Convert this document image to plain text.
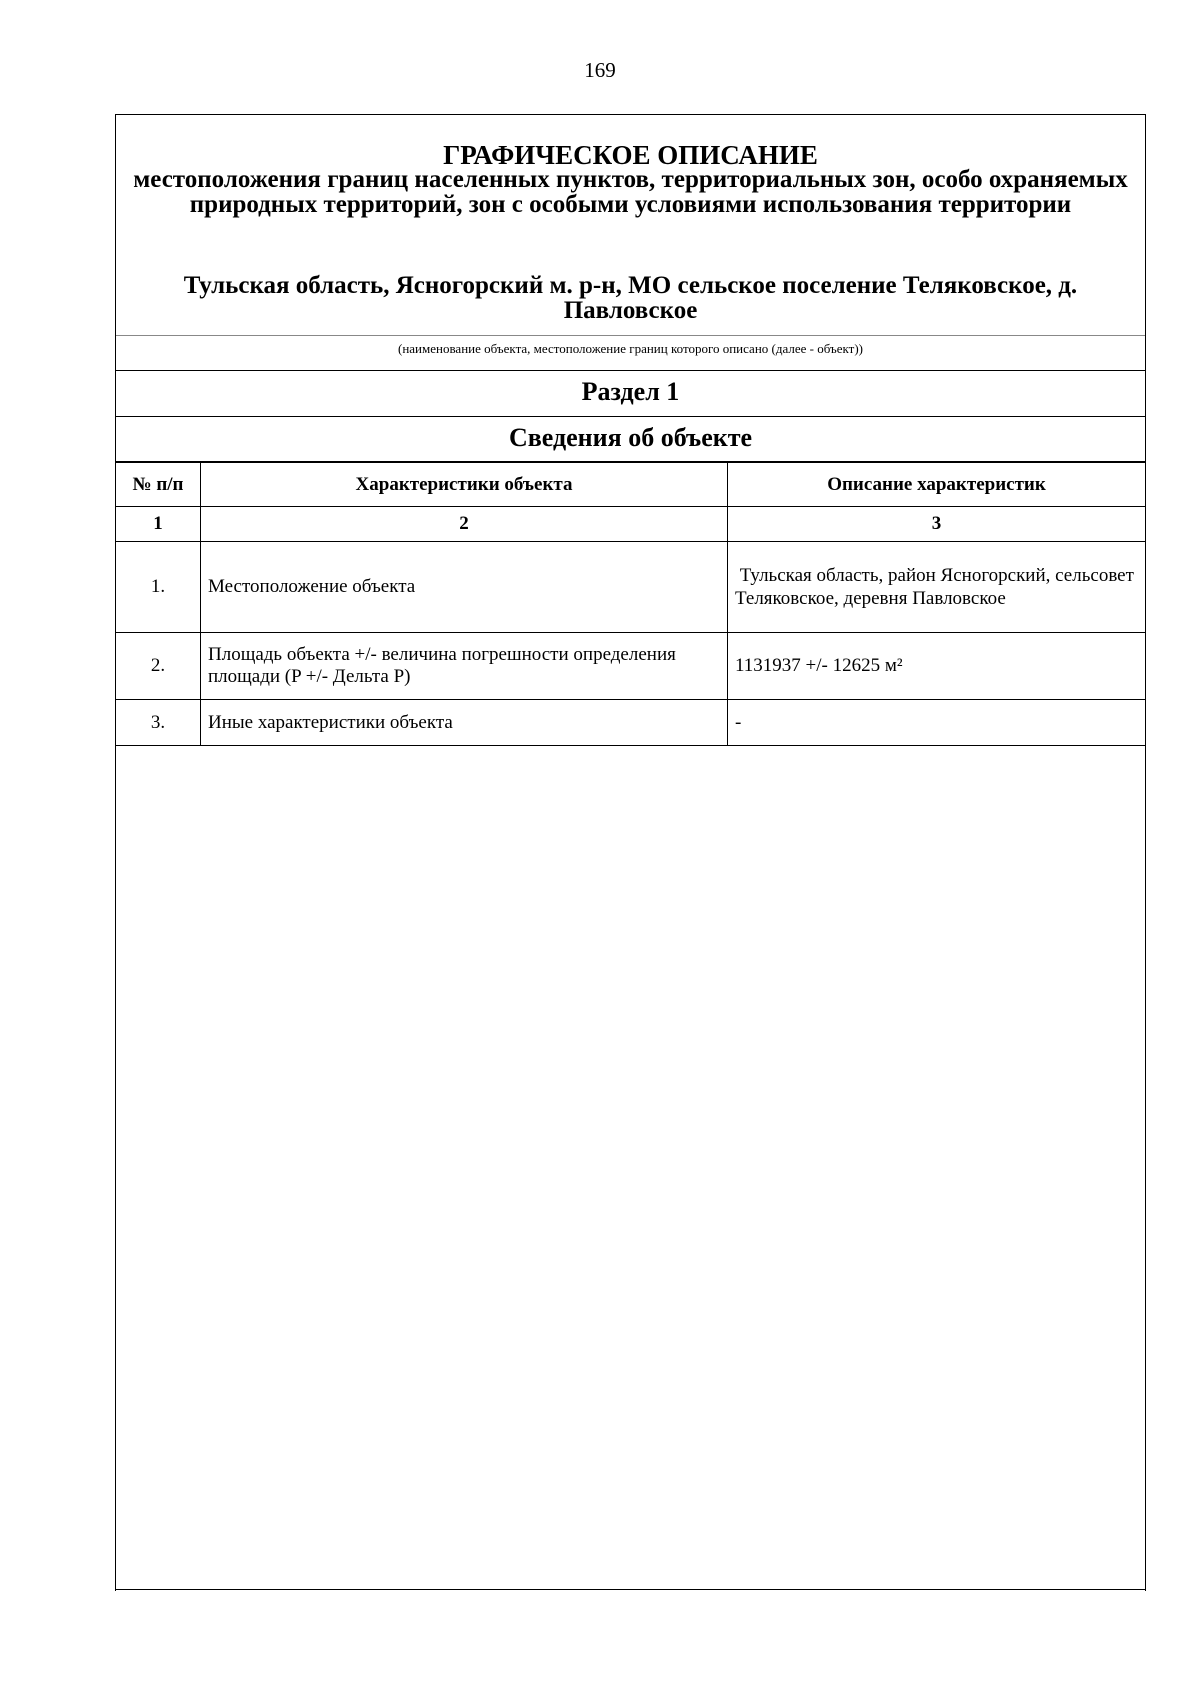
169
ГРАФИЧЕСКОЕ ОПИСАНИЕ
местоположения границ населенных пунктов, территориальных зон, особо охраняемых природных территорий, зон с особыми условиями использования территории
Тульская область, Ясногорский м. р-н, МО сельское поселение Теляковское, д. Павловское
(наименование объекта, местоположение границ которого описано (далее - объект))
Раздел 1
Сведения об объекте
№ п/п	Характеристики объекта	Описание характеристик
1	2	3
1.	Местоположение объекта	Тульская область, район Ясногорский, сельсовет Теляковское, деревня Павловское
2.	Площадь объекта +/- величина погрешности определения площади (P +/- Дельта P)	1131937 +/- 12625 м²
3.	Иные характеристики объекта	-
